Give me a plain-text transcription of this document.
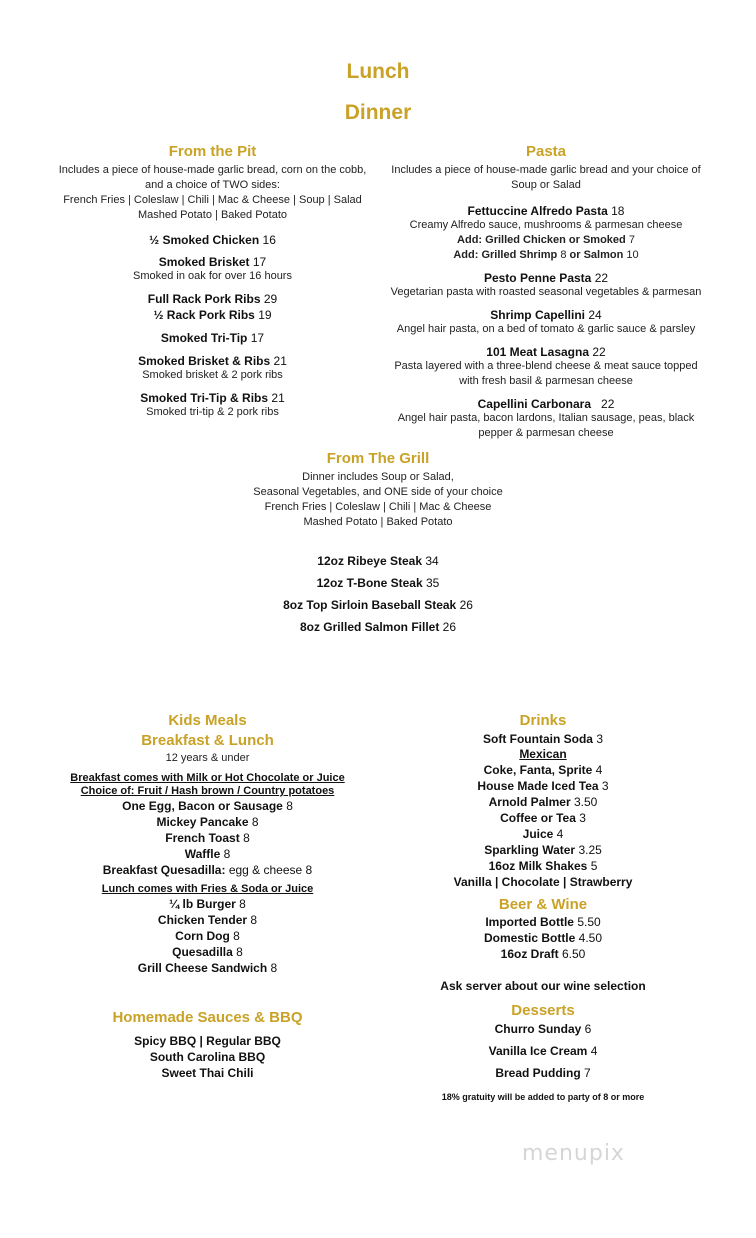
Lunch
Dinner
From the Pit
Includes a piece of house-made garlic bread, corn on the cobb,
and a choice of TWO sides:
French Fries | Coleslaw | Chili | Mac & Cheese | Soup | Salad
Mashed Potato | Baked Potato
½ Smoked Chicken 16
Smoked Brisket 17
Smoked in oak for over 16 hours
Full Rack Pork Ribs 29
½ Rack Pork Ribs 19
Smoked Tri-Tip 17
Smoked Brisket & Ribs 21
Smoked brisket & 2 pork ribs
Smoked Tri-Tip & Ribs 21
Smoked tri-tip & 2 pork ribs
Pasta
Includes a piece of house-made garlic bread and your choice of
Soup or Salad
Fettuccine Alfredo Pasta 18
Creamy Alfredo sauce, mushrooms & parmesan cheese
Add: Grilled Chicken or Smoked 7
Add: Grilled Shrimp 8 or Salmon 10
Pesto Penne Pasta 22
Vegetarian pasta with roasted seasonal vegetables & parmesan
Shrimp Capellini 24
Angel hair pasta, on a bed of tomato & garlic sauce & parsley
101 Meat Lasagna 22
Pasta layered with a three-blend cheese & meat sauce topped
with fresh basil & parmesan cheese
Capellini Carbonara 22
Angel hair pasta, bacon lardons, Italian sausage, peas, black
pepper & parmesan cheese
From The Grill
Dinner includes Soup or Salad,
Seasonal Vegetables, and ONE side of your choice
French Fries | Coleslaw | Chili | Mac & Cheese
Mashed Potato | Baked Potato
12oz Ribeye Steak 34
12oz T-Bone Steak 35
8oz Top Sirloin Baseball Steak 26
8oz Grilled Salmon Fillet 26
Kids Meals
Breakfast & Lunch
12 years & under
Breakfast comes with Milk or Hot Chocolate or Juice
Choice of: Fruit / Hash brown / Country potatoes
One Egg, Bacon or Sausage 8
Mickey Pancake 8
French Toast 8
Waffle 8
Breakfast Quesadilla: egg & cheese 8
Lunch comes with Fries & Soda or Juice
¼ lb Burger 8
Chicken Tender 8
Corn Dog 8
Quesadilla 8
Grill Cheese Sandwich 8
Homemade Sauces & BBQ
Spicy BBQ | Regular BBQ
South Carolina BBQ
Sweet Thai Chili
Drinks
Soft Fountain Soda 3
Mexican
Coke, Fanta, Sprite 4
House Made Iced Tea 3
Arnold Palmer 3.50
Coffee or Tea 3
Juice 4
Sparkling Water 3.25
16oz Milk Shakes 5
Vanilla | Chocolate | Strawberry
Beer & Wine
Imported Bottle 5.50
Domestic Bottle 4.50
16oz Draft 6.50
Ask server about our wine selection
Desserts
Churro Sunday 6
Vanilla Ice Cream 4
Bread Pudding 7
18% gratuity will be added to party of 8 or more
menupix
